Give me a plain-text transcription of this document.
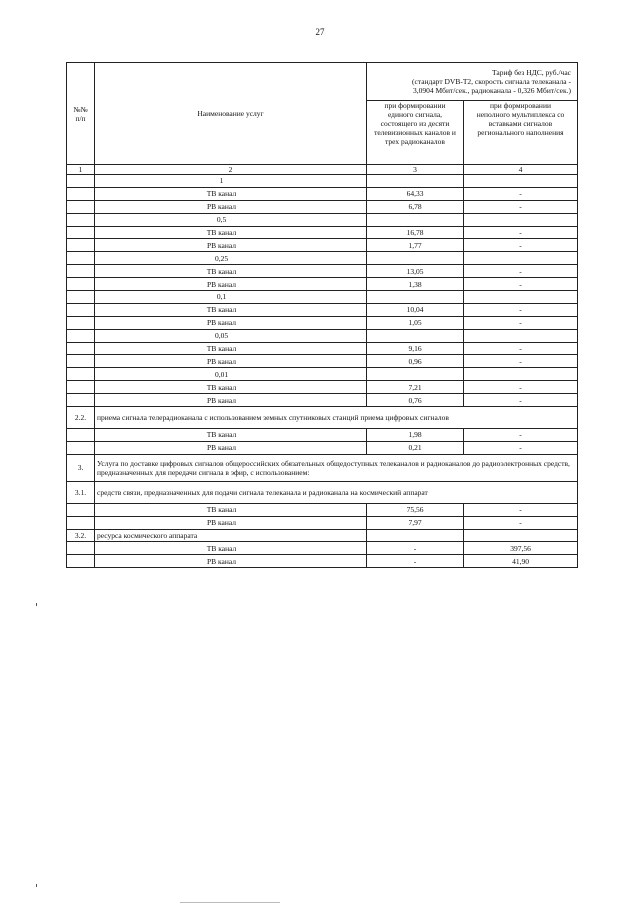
27
№№
п/п	Наименование услуг	Тариф без НДС, руб./час
(стандарт DVB-T2, скорость сигнала телеканала -
3,0904 Мбит/сек., радиоканала - 0,326 Мбит/сек.)	
		при формировании
единого сигнала,
состоящего из десяти
телевизионных каналов и
трех радиоканалов	при формировании
неполного мультиплекса со
вставками сигналов
регионального наполнения
1	2	3	4
	1		
	ТВ канал	64,33	-
	РВ канал	6,78	-
	0,5		
	ТВ канал	16,78	-
	РВ канал	1,77	-
	0,25		
	ТВ канал	13,05	-
	РВ канал	1,38	-
	0,1		
	ТВ канал	10,04	-
	РВ канал	1,05	-
	0,05		
	ТВ канал	9,16	-
	РВ канал	0,96	-
	0,01		
	ТВ канал	7,21	-
	РВ канал	0,76	-
2.2.	приема сигнала телерадиоканала с использованием земных спутниковых станций приема цифровых сигналов		
	ТВ канал	1,98	-
	РВ канал	0,21	-
3.	Услуга по доставке цифровых сигналов общероссийских обязательных общедоступных телеканалов и радиоканалов до радиоэлектронных средств, предназначенных для передачи сигнала в эфир, с использованием:		
3.1.	средств связи, предназначенных для подачи сигнала телеканала и радиоканала на космический аппарат		
	ТВ канал	75,56	-
	РВ канал	7,97	-
3.2.	ресурса космического аппарата		
	ТВ канал	-	397,56
	РВ канал	-	41,90
